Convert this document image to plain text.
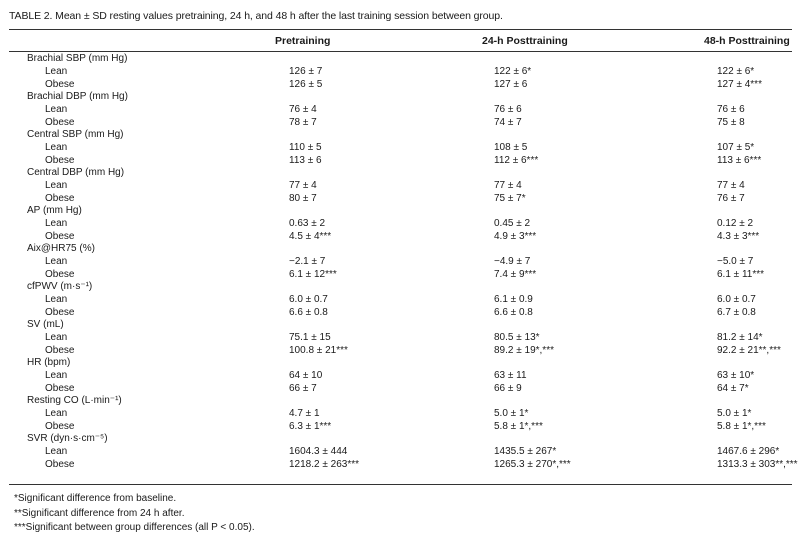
TABLE 2. Mean ± SD resting values pretraining, 24 h, and 48 h after the last training session between group.
Pretraining	24-h Posttraining	48-h Posttraining
Brachial SBP (mm Hg)			
Lean	126 ± 7	122 ± 6*	122 ± 6*
Obese	126 ± 5	127 ± 6	127 ± 4***
Brachial DBP (mm Hg)			
Lean	76 ± 4	76 ± 6	76 ± 6
Obese	78 ± 7	74 ± 7	75 ± 8
Central SBP (mm Hg)			
Lean	110 ± 5	108 ± 5	107 ± 5*
Obese	113 ± 6	112 ± 6***	113 ± 6***
Central DBP (mm Hg)			
Lean	77 ± 4	77 ± 4	77 ± 4
Obese	80 ± 7	75 ± 7*	76 ± 7
AP (mm Hg)			
Lean	0.63 ± 2	0.45 ± 2	0.12 ± 2
Obese	4.5 ± 4***	4.9 ± 3***	4.3 ± 3***
Aix@HR75 (%)			
Lean	−2.1 ± 7	−4.9 ± 7	−5.0 ± 7
Obese	6.1 ± 12***	7.4 ± 9***	6.1 ± 11***
cfPWV (m·s⁻¹)			
Lean	6.0 ± 0.7	6.1 ± 0.9	6.0 ± 0.7
Obese	6.6 ± 0.8	6.6 ± 0.8	6.7 ± 0.8
SV (mL)			
Lean	75.1 ± 15	80.5 ± 13*	81.2 ± 14*
Obese	100.8 ± 21***	89.2 ± 19*,***	92.2 ± 21**,***
HR (bpm)			
Lean	64 ± 10	63 ± 11	63 ± 10*
Obese	66 ± 7	66 ± 9	64 ± 7*
Resting CO (L·min⁻¹)			
Lean	4.7 ± 1	5.0 ± 1*	5.0 ± 1*
Obese	6.3 ± 1***	5.8 ± 1*,***	5.8 ± 1*,***
SVR (dyn·s·cm⁻⁵)			
Lean	1604.3 ± 444	1435.5 ± 267*	1467.6 ± 296*
Obese	1218.2 ± 263***	1265.3 ± 270*,***	1313.3 ± 303**,***
*Significant difference from baseline.
**Significant difference from 24 h after.
***Significant between group differences (all P < 0.05).
